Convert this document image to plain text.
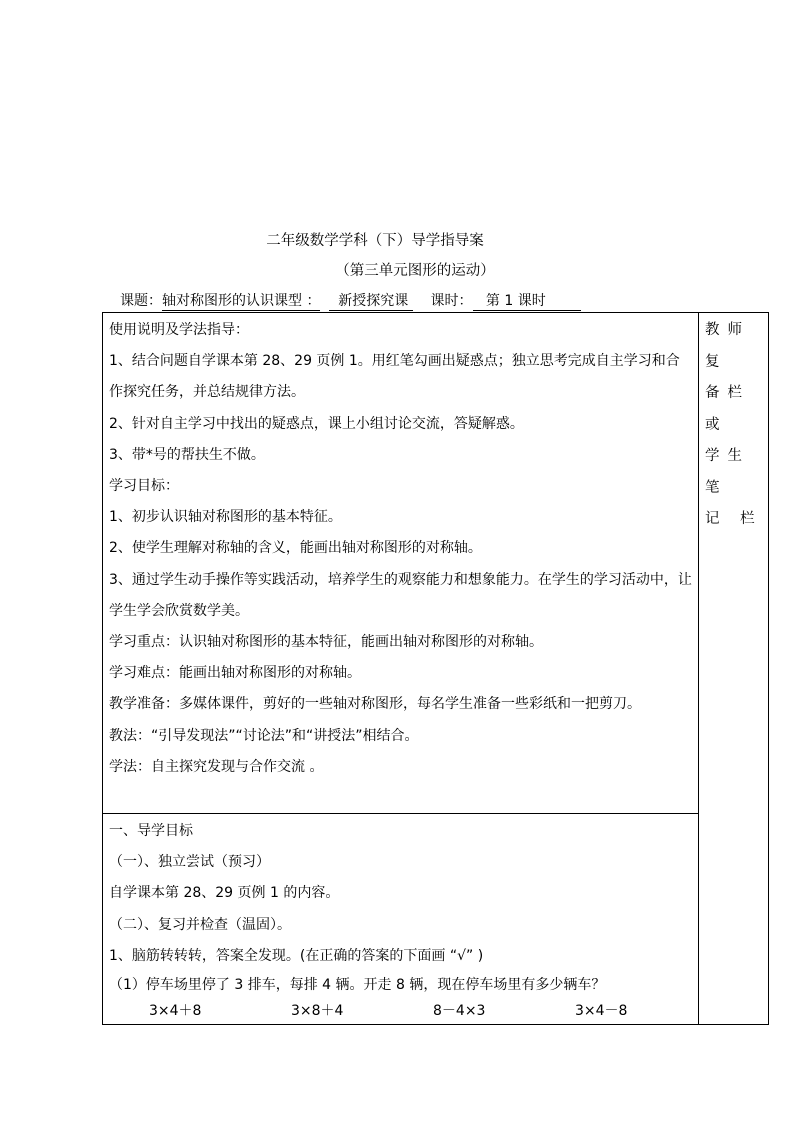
二年级数学学科（下）导学指导案
（第三单元图形的运动）
课题：轴对称图形的认识课型 ： 新授探究课 课时： 第 1 课时

使用说明及学法指导：

1、结合问题自学课本第 28、29 页例 1。用红笔勾画出疑惑点；独立思考完成自主学习和合作探究任务，并总结规律方法。

2、针对自主学习中找出的疑惑点，课上小组讨论交流，答疑解惑。

3、带*号的帮扶生不做。

学习目标：

1、初步认识轴对称图形的基本特征。

2、使学生理解对称轴的含义，能画出轴对称图形的对称轴。

3、通过学生动手操作等实践活动，培养学生的观察能力和想象能力。在学生的学习活动中，让学生学会欣赏数学美。

学习重点：认识轴对称图形的基本特征，能画出轴对称图形的对称轴。

学习难点：能画出轴对称图形的对称轴。

教学准备：多媒体课件，剪好的一些轴对称图形，每名学生准备一些彩纸和一把剪刀。

教法：“引导发现法”“讨论法”和“讲授法”相结合。

学法：自主探究发现与合作交流 。

教师复

备栏或

学生笔

记 栏

一、导学目标

（一）、独立尝试（预习）

自学课本第 28、29 页例 1 的内容。

（二）、复习并检查（温固）。

1、脑筋转转转，答案全发现。(在正确的答案的下面画 “√” )

（1）停车场里停了 3 排车，每排 4 辆。开走 8 辆，现在停车场里有多少辆车？

3×4＋8	3×8＋4	8－4×3	3×4－8
